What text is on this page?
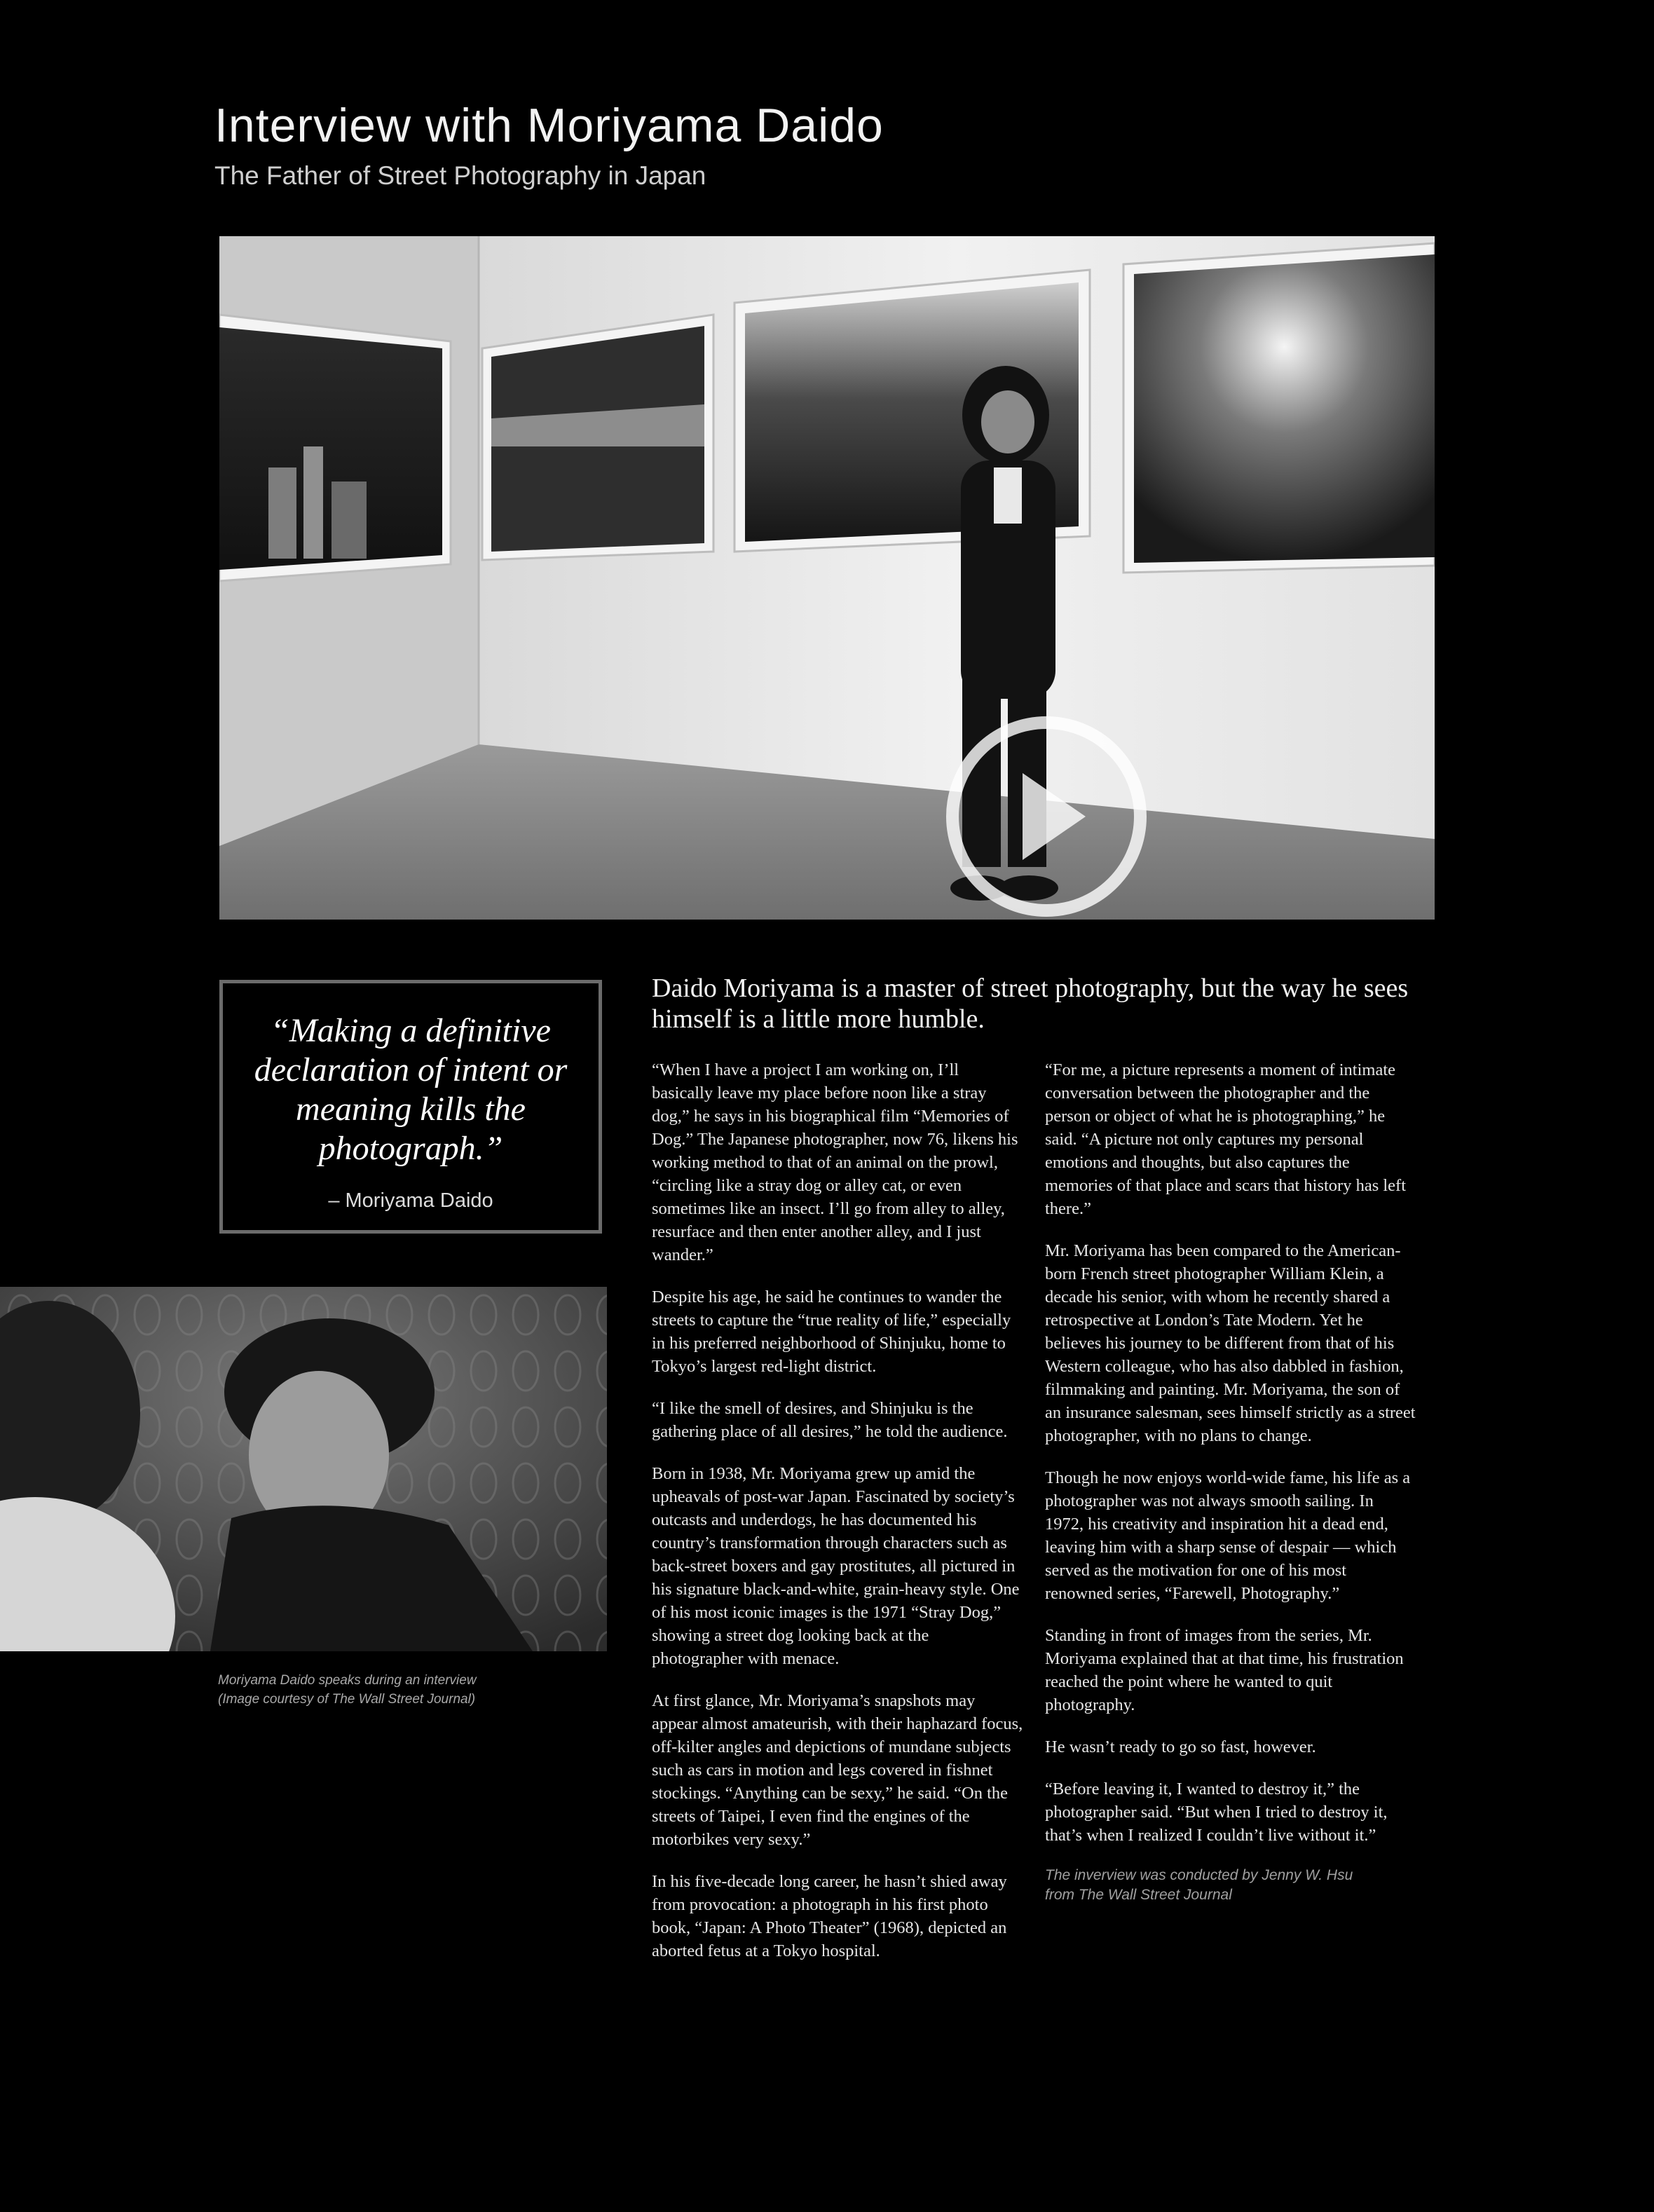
Interview with Moriyama Daido
The Father of Street Photography in Japan
“Making a definitive declaration of intent or meaning kills the photograph.”
– Moriyama Daido
Moriyama Daido speaks during an interview
(Image courtesy of The Wall Street Journal)

Daido Moriyama is a master of street photography, but the way he sees himself is a little more humble.

“When I have a project I am working on, I’ll basically leave my place before noon like a stray dog,” he says in his biographical film “Memories of Dog.” The Japanese photographer, now 76, likens his working method to that of an animal on the prowl, “circling like a stray dog or alley cat, or even sometimes like an insect. I’ll go from alley to alley, resurface and then enter another alley, and I just wander.”

Despite his age, he said he continues to wander the streets to capture the “true reality of life,” especially in his preferred neighborhood of Shinjuku, home to Tokyo’s largest red-light district.

“I like the smell of desires, and Shinjuku is the gathering place of all desires,” he told the audience.

Born in 1938, Mr. Moriyama grew up amid the upheavals of post-war Japan. Fascinated by society’s outcasts and underdogs, he has documented his country’s transformation through characters such as back-street boxers and gay prostitutes, all pictured in his signature black-and-white, grain-heavy style. One of his most iconic images is the 1971 “Stray Dog,” showing a street dog looking back at the photographer with menace.

At first glance, Mr. Moriyama’s snapshots may appear almost amateurish, with their haphazard focus, off-kilter angles and depictions of mundane subjects such as cars in motion and legs covered in fishnet stockings. “Anything can be sexy,” he said. “On the streets of Taipei, I even find the engines of the motorbikes very sexy.”

In his five-decade long career, he hasn’t shied away from provocation: a photograph in his first photo book, “Japan: A Photo Theater” (1968), depicted an aborted fetus at a Tokyo hospital.

“For me, a picture represents a moment of intimate conversation between the photographer and the person or object of what he is photographing,” he said. “A picture not only captures my personal emotions and thoughts, but also captures the memories of that place and scars that history has left there.”

Mr. Moriyama has been compared to the American-born French street photographer William Klein, a decade his senior, with whom he recently shared a retrospective at London’s Tate Modern. Yet he believes his journey to be different from that of his Western colleague, who has also dabbled in fashion, filmmaking and painting. Mr. Moriyama, the son of an insurance salesman, sees himself strictly as a street photographer, with no plans to change.

Though he now enjoys world-wide fame, his life as a photographer was not always smooth sailing. In 1972, his creativity and inspiration hit a dead end, leaving him with a sharp sense of despair — which served as the motivation for one of his most renowned series, “Farewell, Photography.”

Standing in front of images from the series, Mr. Moriyama explained that at that time, his frustration reached the point where he wanted to quit photography.

He wasn’t ready to go so fast, however.

“Before leaving it, I wanted to destroy it,” the photographer said. “But when I tried to destroy it, that’s when I realized I couldn’t live without it.”

The inverview was conducted by Jenny W. Hsu
from The Wall Street Journal
